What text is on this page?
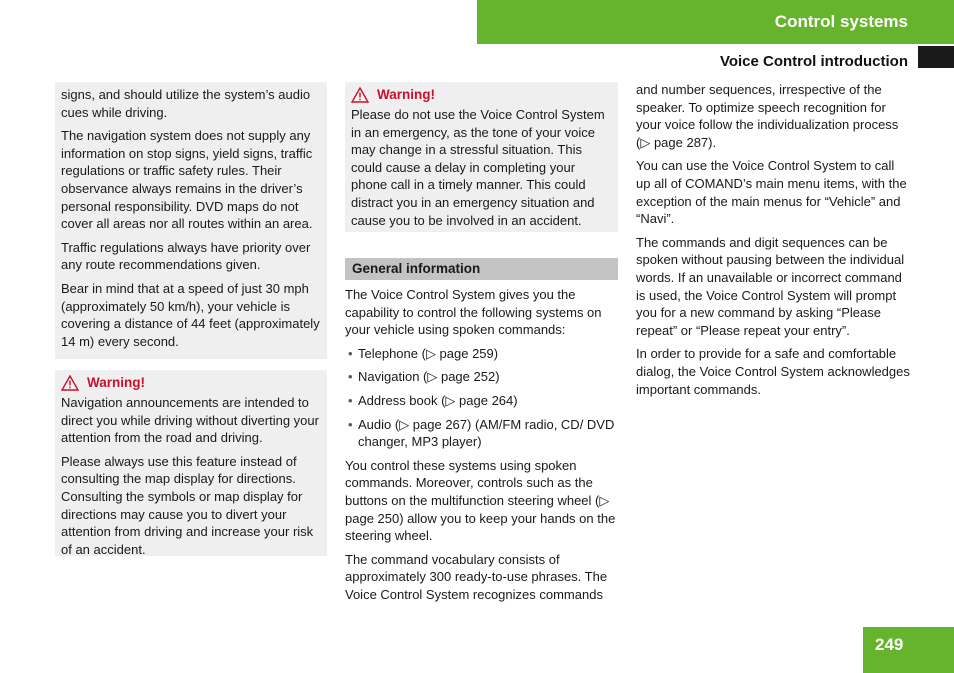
Control systems
Voice Control introduction

signs, and should utilize the system’s audio cues while driving.

The navigation system does not supply any information on stop signs, yield signs, traffic regulations or traffic safety rules. Their observance always remains in the driver’s personal responsibility. DVD maps do not cover all areas nor all routes within an area.

Traffic regulations always have priority over any route recommendations given.

Bear in mind that at a speed of just 30 mph (approximately 50 km/h), your vehicle is covering a distance of 44 feet (approximately 14 m) every second.

Warning!

Navigation announcements are intended to direct you while driving without diverting your attention from the road and driving.

Please always use this feature instead of consulting the map display for directions. Consulting the symbols or map display for directions may cause you to divert your attention from driving and increase your risk of an accident.

Warning!

Please do not use the Voice Control System in an emergency, as the tone of your voice may change in a stressful situation. This could cause a delay in completing your phone call in a timely manner. This could distract you in an emergency situation and cause you to be involved in an accident.

General information

The Voice Control System gives you the capability to control the following systems on your vehicle using spoken commands:

• Telephone (▷ page 259)
• Navigation (▷ page 252)
• Address book (▷ page 264)
• Audio (▷ page 267) (AM/FM radio, CD/ DVD changer, MP3 player)

You control these systems using spoken commands. Moreover, controls such as the buttons on the multifunction steering wheel (▷ page 250) allow you to keep your hands on the steering wheel.

The command vocabulary consists of approximately 300 ready-to-use phrases. The Voice Control System recognizes commands

and number sequences, irrespective of the speaker. To optimize speech recognition for your voice follow the individualization process (▷ page 287).

You can use the Voice Control System to call up all of COMAND’s main menu items, with the exception of the main menus for “Vehicle” and “Navi”.

The commands and digit sequences can be spoken without pausing between the individual words. If an unavailable or incorrect command is used, the Voice Control System will prompt you for a new command by asking “Please repeat” or “Please repeat your entry”.

In order to provide for a safe and comfortable dialog, the Voice Control System acknowledges important commands.

249
